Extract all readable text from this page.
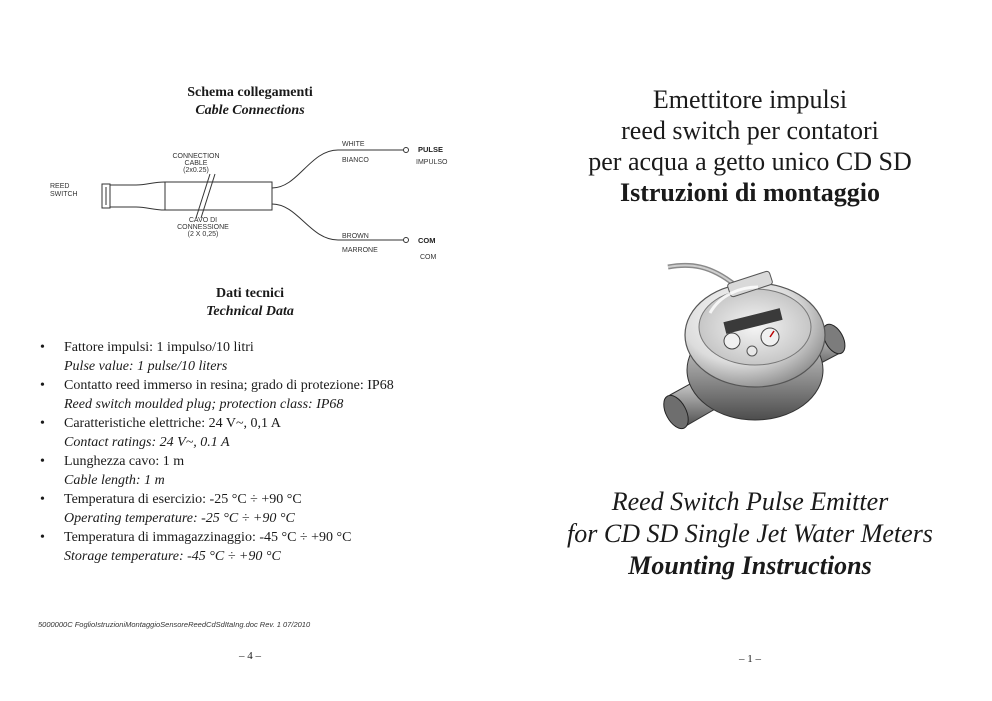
Schema collegamenti
Cable Connections
REED
SWITCH
CONNECTION
CABLE
(2x0.25)
CAVO DI
CONNESSIONE
(2 X 0,25)
WHITE
BIANCO
PULSE
IMPULSO
BROWN
MARRONE
COM
COM
Dati tecnici
Technical Data
• Fattore impulsi: 1 impulso/10 litri
Pulse value: 1 pulse/10 liters
• Contatto reed immerso in resina; grado di protezione: IP68
Reed switch moulded plug; protection class: IP68
• Caratteristiche elettriche: 24 V~, 0,1 A
Contact ratings: 24 V~, 0.1 A
• Lunghezza cavo: 1 m
Cable length: 1 m
• Temperatura di esercizio: -25 °C ÷ +90 °C
Operating temperature: -25 °C ÷ +90 °C
• Temperatura di immagazzinaggio: -45 °C ÷ +90 °C
Storage temperature: -45 °C ÷ +90 °C
5000000C FoglioIstruzioniMontaggioSensoreReedCdSdItaIng.doc Rev. 1 07/2010
– 4 –
Emettitore impulsi
reed switch per contatori
per acqua a getto unico CD SD
Istruzioni di montaggio
Reed Switch Pulse Emitter
for CD SD Single Jet Water Meters
Mounting Instructions
– 1 –
